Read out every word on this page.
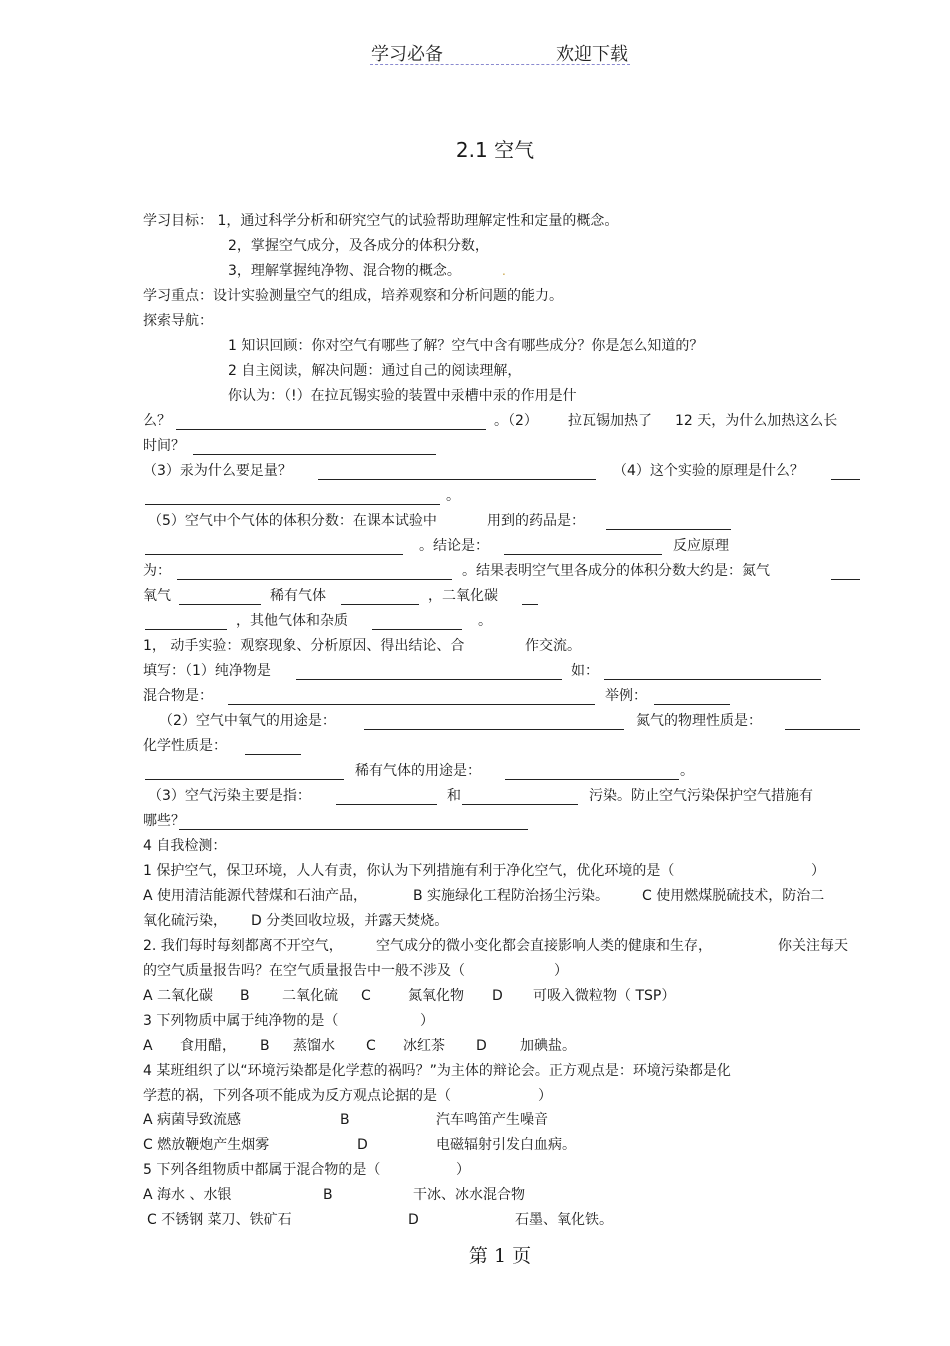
学习必备	欢迎下载
2.1 空气
学习目标： 1，通过科学分析和研究空气的试验帮助理解定性和定量的概念。
2，掌握空气成分，及各成分的体积分数，
3，理解掌握纯净物、混合物的概念。	.
学习重点：设计实验测量空气的组成，培养观察和分析问题的能力。
探索导航：
1 知识回顾：你对空气有哪些了解？空气中含有哪些成分？你是怎么知道的？
2 自主阅读，解决问题：通过自己的阅读理解，
你认为：（!）在拉瓦锡实验的装置中汞槽中汞的作用是什
么？	。（2） 拉瓦锡加热了 12 天，为什么加热这么长
时间？
（3）汞为什么要足量？	（4）这个实验的原理是什么？
。
（5）空气中个气体的体积分数：在课本试验中	用到的药品是：
。结论是：	反应原理
为：	。结果表明空气里各成分的体积分数大约是：氮气
氧气	稀有气体	，二氧化碳
，其他气体和杂质	。
1， 动手实验：观察现象、分析原因、得出结论、合	作交流。
填写：（1）纯净物是	如：
混合物是：	举例：
（2）空气中氧气的用途是：	氮气的物理性质是：
化学性质是：
稀有气体的用途是：	。
（3）空气污染主要是指：	和	污染。防止空气污染保护空气措施有
哪些？
4 自我检测：
1 保护空气，保卫环境，人人有责，你认为下列措施有利于净化空气，优化环境的是（	）
A 使用清洁能源代替煤和石油产品，	B 实施绿化工程防治扬尘污染。 C 使用燃煤脱硫技术，防治二
氧化硫污染， D 分类回收垃圾，并露天焚烧。
2. 我们每时每刻都离不开空气， 空气成分的微小变化都会直接影响人类的健康和生存，	你关注每天
的空气质量报告吗？在空气质量报告中一般不涉及（	）
A 二氧化碳 B 二氧化硫 C	氮氧化物 D 可吸入微粒物（ TSP）
3 下列物质中属于纯净物的是（	）
A 食用醋， B 蒸馏水 C 冰红茶 D 加碘盐。
4 某班组织了以“环境污染都是化学惹的祸吗？”为主体的辩论会。正方观点是：环境污染都是化
学惹的祸，下列各项不能成为反方观点论据的是（	）
A 病菌导致流感	B	汽车鸣笛产生噪音
C 燃放鞭炮产生烟雾	D	电磁辐射引发白血病。
5 下列各组物质中都属于混合物的是（	）
A 海水 、水银	B	干冰、冰水混合物
C 不锈钢 菜刀、铁矿石	D	石墨、氧化铁。
第 1 页
